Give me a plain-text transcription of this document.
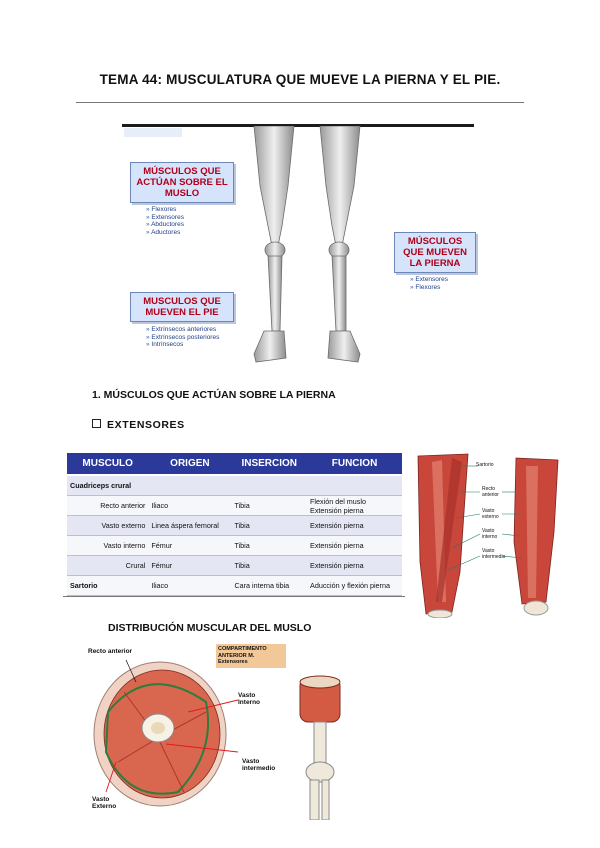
TEMA 44: MUSCULATURA QUE MUEVE LA PIERNA Y EL PIE.
MÚSCULOS QUE ACTÚAN SOBRE EL MUSLO
» Flexores
» Extensores
» Abductores
» Aductores
MÚSCULOS QUE MUEVEN LA PIERNA
» Extensores
» Flexores
MUSCULOS QUE MUEVEN EL PIE
» Extrínsecos anteriores
» Extrínsecos posteriores
» Intrínsecos
1. MÚSCULOS QUE ACTÚAN SOBRE LA PIERNA
EXTENSORES
MUSCULO	ORIGEN	INSERCION	FUNCION
Cuadriceps crural			
Recto anterior	Iliaco	Tibia	Flexión del muslo Extensión pierna
Vasto externo	Linea áspera femoral	Tibia	Extensión pierna
Vasto interno	Fémur	Tibia	Extensión pierna
Crural	Fémur	Tibia	Extensión pierna
Sartorio	Iliaco	Cara interna tibia	Aducción y flexión pierna
Sartorio
Recto anterior
Vasto externo
Vasto interno
Vasto intermedio
DISTRIBUCIÓN MUSCULAR DEL MUSLO
Recto anterior	COMPARTIMENTO ANTERIOR M. Extensores
Vasto Interno
Vasto intermedio
Vasto Externo
